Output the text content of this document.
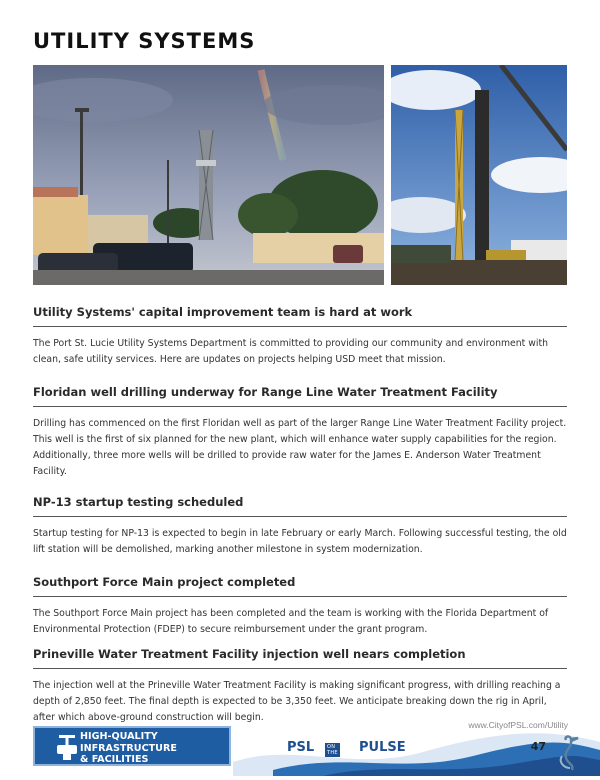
UTILITY SYSTEMS
Utility Systems' capital improvement team is hard at work

The Port St. Lucie Utility Systems Department is committed to providing our community and environment with clean, safe utility services. Here are updates on projects helping USD meet that mission.

Floridan well drilling underway for Range Line Water Treatment Facility

Drilling has commenced on the first Floridan well as part of the larger Range Line Water Treatment Facility project. This well is the first of six planned for the new plant, which will enhance water supply capabilities for the region. Additionally, three more wells will be drilled to provide raw water for the James E. Anderson Water Treatment Facility.

NP-13 startup testing scheduled

Startup testing for NP-13 is expected to begin in late February or early March. Following successful testing, the old lift station will be demolished, marking another milestone in system modernization.

Southport Force Main project completed

The Southport Force Main project has been completed and the team is working with the Florida Department of Environmental Protection (FDEP) to secure reimbursement under the grant program.

Prineville Water Treatment Facility injection well nears completion

The injection well at the Prineville Water Treatment Facility is making significant progress, with drilling reaching a depth of 2,850 feet. The final depth is expected to be 3,350 feet. We anticipate breaking down the rig in April, after which above-ground construction will begin.

www.CityofPSL.com/Utility
47
HIGH-QUALITY
INFRASTRUCTURE
& FACILITIES
PSL	ON THE PULSE
